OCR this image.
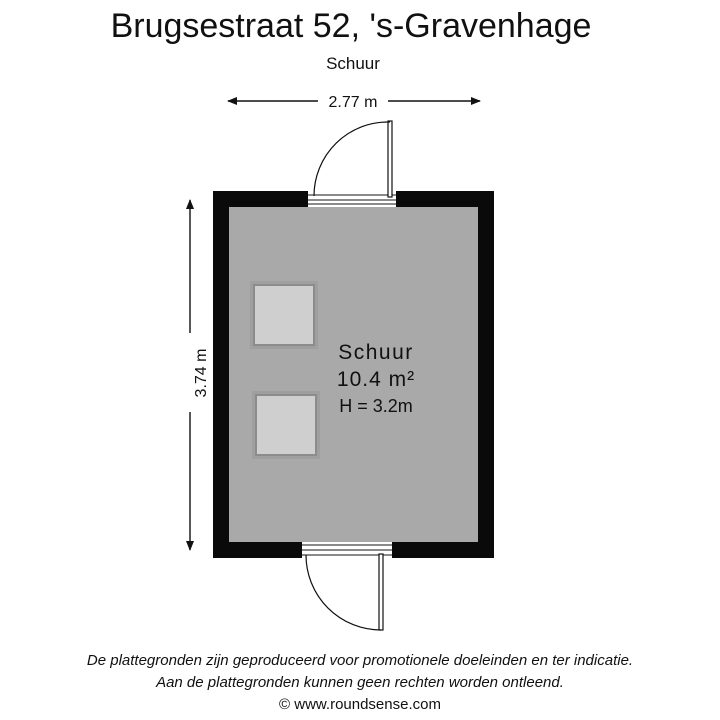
Brugsestraat 52, 's-Gravenhage
Schuur
2.77 m
3.74 m	Schuur
10.4 m²
H = 3.2m
De plattegronden zijn geproduceerd voor promotionele doeleinden en ter indicatie.
Aan de plattegronden kunnen geen rechten worden ontleend.
© www.roundsense.com
